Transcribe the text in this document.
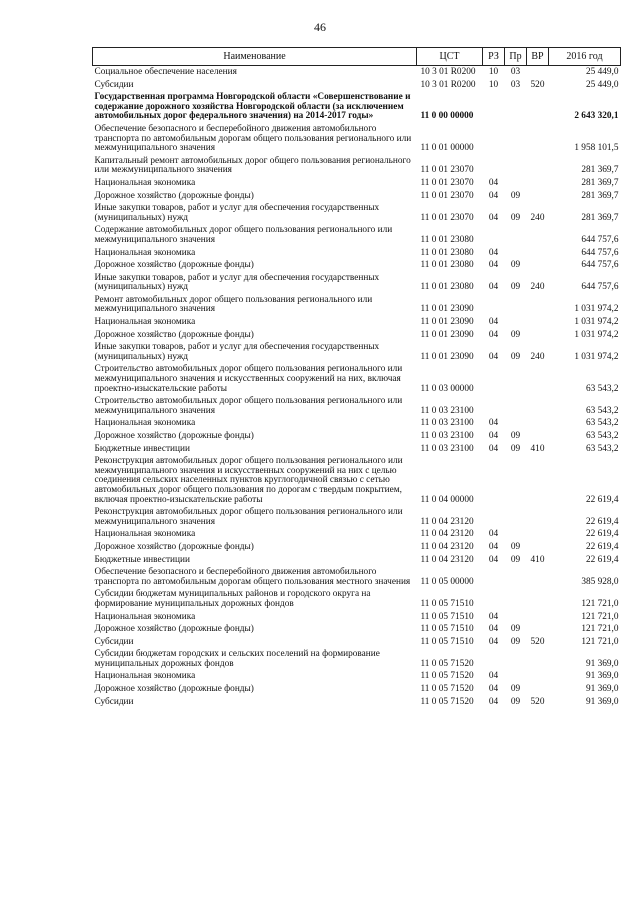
46
Наименование	ЦСТ	РЗ	Пр	ВР	2016 год
Социальное обеспечение населения	10 3 01 R0200	10	03		25 449,0
Субсидии	10 3 01 R0200	10	03	520	25 449,0
Государственная программа Новгородской области «Совершенствование и содержание дорожного хозяйства Новгородской области (за исключением автомобильных дорог федерального значения) на 2014-2017 годы»	11 0 00 00000				2 643 320,1
Обеспечение безопасного и бесперебойного движения автомобильного транспорта по автомобильным дорогам общего пользования регионального или межмуниципального значения	11 0 01 00000				1 958 101,5
Капитальный ремонт автомобильных дорог общего пользования регионального или межмуниципального значения	11 0 01 23070				281 369,7
Национальная экономика	11 0 01 23070	04			281 369,7
Дорожное хозяйство (дорожные фонды)	11 0 01 23070	04	09		281 369,7
Иные закупки товаров, работ и услуг для обеспечения государственных (муниципальных) нужд	11 0 01 23070	04	09	240	281 369,7
Содержание автомобильных дорог общего пользования регионального или межмуниципального значения	11 0 01 23080				644 757,6
Национальная экономика	11 0 01 23080	04			644 757,6
Дорожное хозяйство (дорожные фонды)	11 0 01 23080	04	09		644 757,6
Иные закупки товаров, работ и услуг для обеспечения государственных (муниципальных) нужд	11 0 01 23080	04	09	240	644 757,6
Ремонт автомобильных дорог общего пользования регионального или межмуниципального значения	11 0 01 23090				1 031 974,2
Национальная экономика	11 0 01 23090	04			1 031 974,2
Дорожное хозяйство (дорожные фонды)	11 0 01 23090	04	09		1 031 974,2
Иные закупки товаров, работ и услуг для обеспечения государственных (муниципальных) нужд	11 0 01 23090	04	09	240	1 031 974,2
Строительство автомобильных дорог общего пользования регионального или межмуниципального значения и искусственных сооружений на них, включая проектно-изыскательские работы	11 0 03 00000				63 543,2
Строительство автомобильных дорог общего пользования регионального или межмуниципального значения	11 0 03 23100				63 543,2
Национальная экономика	11 0 03 23100	04			63 543,2
Дорожное хозяйство (дорожные фонды)	11 0 03 23100	04	09		63 543,2
Бюджетные инвестиции	11 0 03 23100	04	09	410	63 543,2
Реконструкция автомобильных дорог общего пользования регионального или межмуниципального значения и искусственных сооружений на них с целью соединения сельских населенных пунктов круглогодичной связью с сетью автомобильных дорог общего пользования по дорогам с твердым покрытием, включая проектно-изыскательские работы	11 0 04 00000				22 619,4
Реконструкция автомобильных дорог общего пользования регионального или межмуниципального значения	11 0 04 23120				22 619,4
Национальная экономика	11 0 04 23120	04			22 619,4
Дорожное хозяйство (дорожные фонды)	11 0 04 23120	04	09		22 619,4
Бюджетные инвестиции	11 0 04 23120	04	09	410	22 619,4
Обеспечение безопасного и бесперебойного движения автомобильного транспорта по автомобильным дорогам общего пользования местного значения	11 0 05 00000				385 928,0
Субсидии бюджетам муниципальных районов и городского округа на формирование муниципальных дорожных фондов	11 0 05 71510				121 721,0
Национальная экономика	11 0 05 71510	04			121 721,0
Дорожное хозяйство (дорожные фонды)	11 0 05 71510	04	09		121 721,0
Субсидии	11 0 05 71510	04	09	520	121 721,0
Субсидии бюджетам городских и сельских поселений на формирование муниципальных дорожных фондов	11 0 05 71520				91 369,0
Национальная экономика	11 0 05 71520	04			91 369,0
Дорожное хозяйство (дорожные фонды)	11 0 05 71520	04	09		91 369,0
Субсидии	11 0 05 71520	04	09	520	91 369,0
